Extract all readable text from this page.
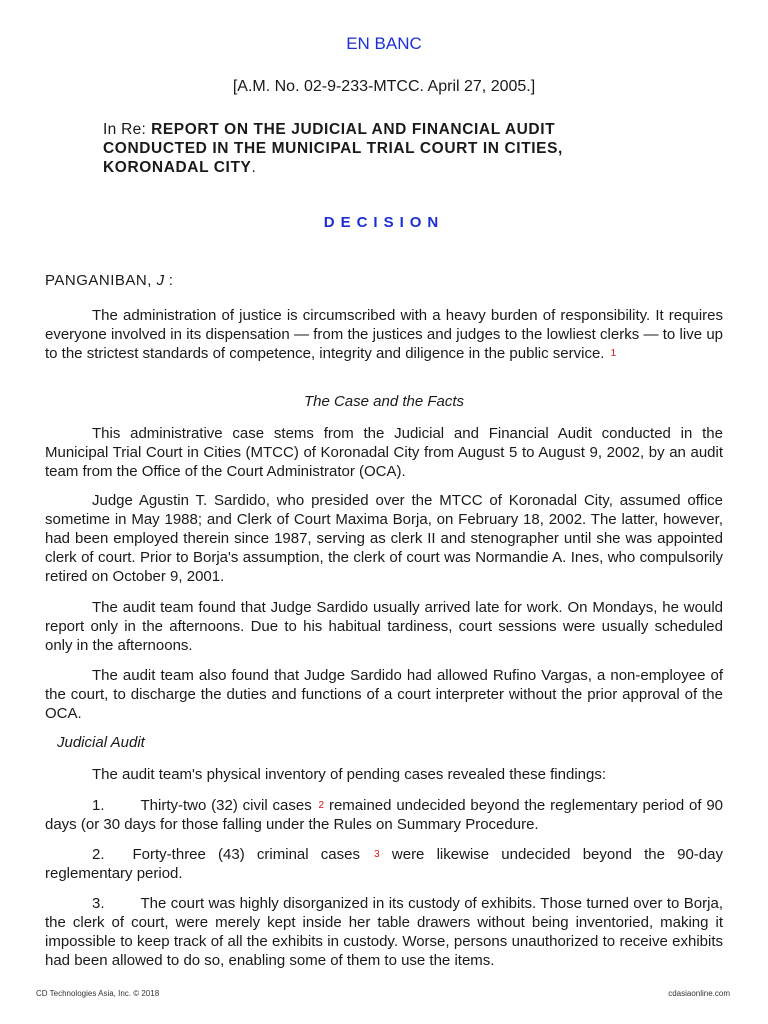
EN BANC
[A.M. No. 02-9-233-MTCC. April 27, 2005.]
In Re: REPORT ON THE JUDICIAL AND FINANCIAL AUDIT CONDUCTED IN THE MUNICIPAL TRIAL COURT IN CITIES, KORONADAL CITY.
DECISION
PANGANIBAN, J :
The administration of justice is circumscribed with a heavy burden of responsibility. It requires everyone involved in its dispensation — from the justices and judges to the lowliest clerks — to live up to the strictest standards of competence, integrity and diligence in the public service. 1
The Case and the Facts
This administrative case stems from the Judicial and Financial Audit conducted in the Municipal Trial Court in Cities (MTCC) of Koronadal City from August 5 to August 9, 2002, by an audit team from the Office of the Court Administrator (OCA).
Judge Agustin T. Sardido, who presided over the MTCC of Koronadal City, assumed office sometime in May 1988; and Clerk of Court Maxima Borja, on February 18, 2002. The latter, however, had been employed therein since 1987, serving as clerk II and stenographer until she was appointed clerk of court. Prior to Borja's assumption, the clerk of court was Normandie A. Ines, who compulsorily retired on October 9, 2001.
The audit team found that Judge Sardido usually arrived late for work. On Mondays, he would report only in the afternoons. Due to his habitual tardiness, court sessions were usually scheduled only in the afternoons.
The audit team also found that Judge Sardido had allowed Rufino Vargas, a non-employee of the court, to discharge the duties and functions of a court interpreter without the prior approval of the OCA.
Judicial Audit
The audit team's physical inventory of pending cases revealed these findings:
1. Thirty-two (32) civil cases 2 remained undecided beyond the reglementary period of 90 days (or 30 days for those falling under the Rules on Summary Procedure.
2. Forty-three (43) criminal cases 3 were likewise undecided beyond the 90-day reglementary period.
3. The court was highly disorganized in its custody of exhibits. Those turned over to Borja, the clerk of court, were merely kept inside her table drawers without being inventoried, making it impossible to keep track of all the exhibits in custody. Worse, persons unauthorized to receive exhibits had been allowed to do so, enabling some of them to use the items.
CD Technologies Asia, Inc. © 2018	cdasiaonline.com
